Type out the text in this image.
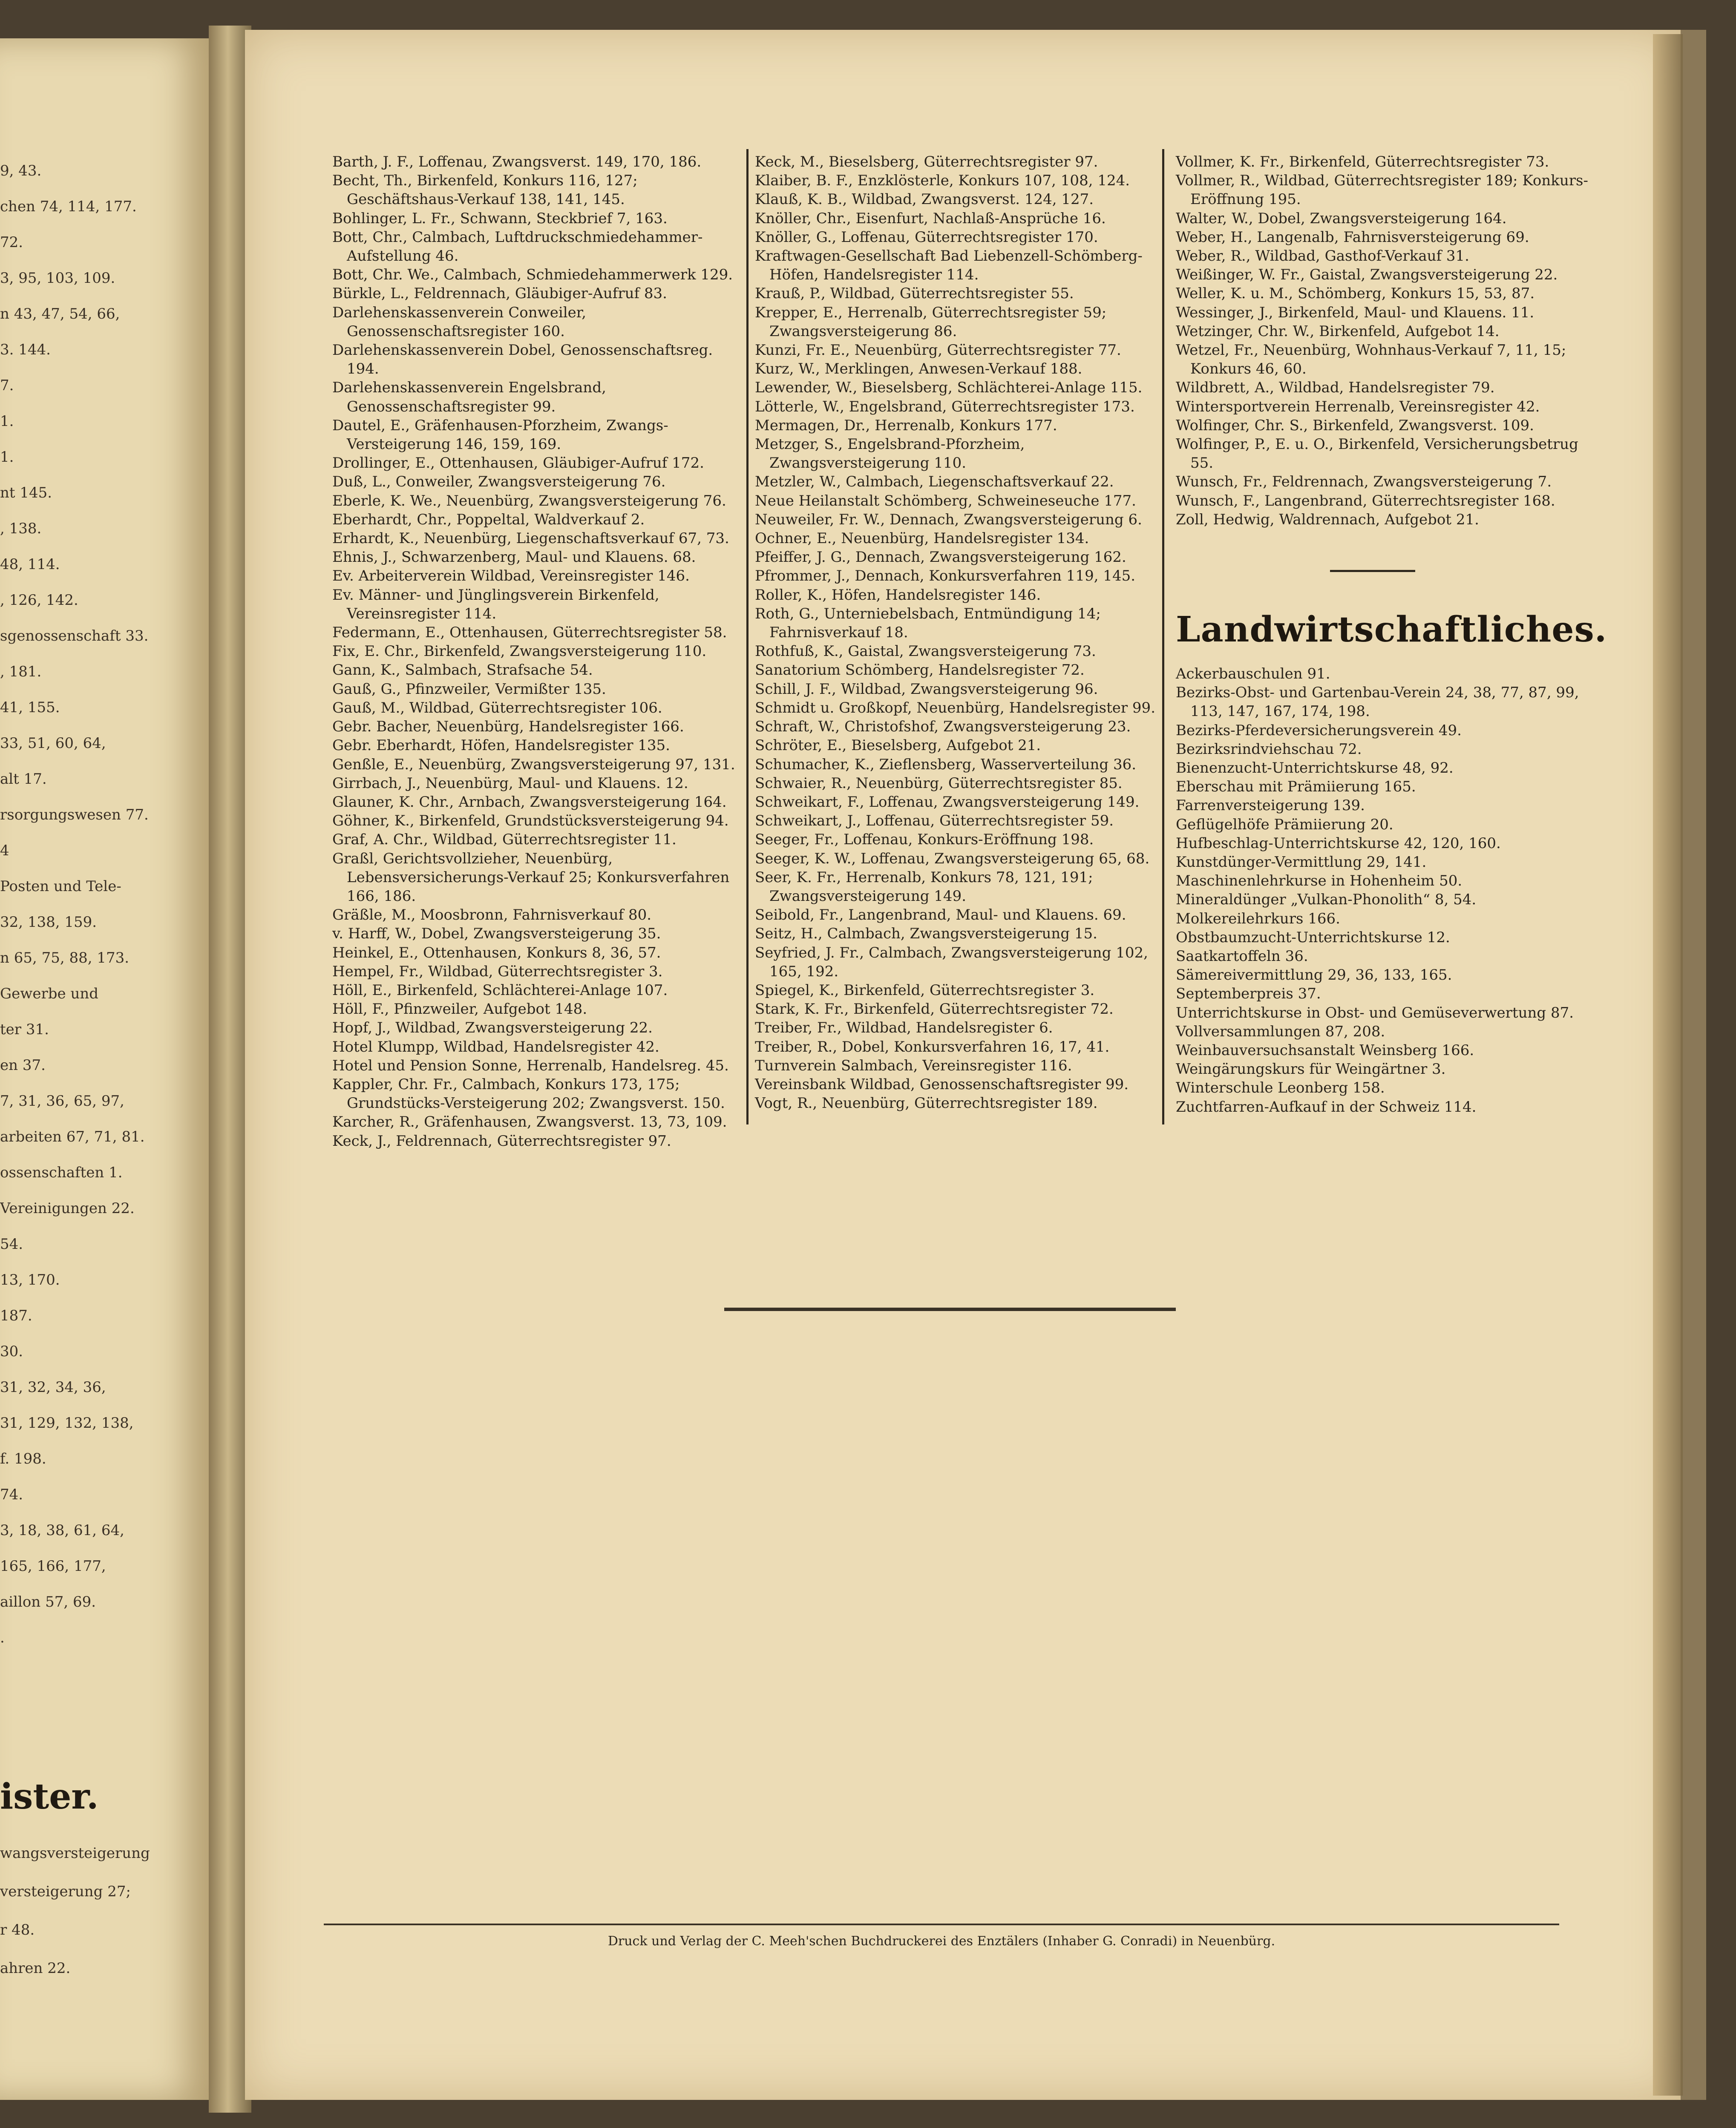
9, 43.
chen 74, 114, 177.
72.
3, 95, 103, 109.
n 43, 47, 54, 66,
3. 144.
7.
1.
1.
nt 145.
, 138.
48, 114.
, 126, 142.
sgenossenschaft 33.
, 181.
41, 155.
33, 51, 60, 64,
alt 17.
rsorgungswesen 77.
4
Posten und Tele-
32, 138, 159.
n 65, 75, 88, 173.
Gewerbe und
ter 31.
en 37.
7, 31, 36, 65, 97,
arbeiten 67, 71, 81.
ossenschaften 1.
Vereinigungen 22.
54.
13, 170.
187.
30.
31, 32, 34, 36,
31, 129, 132, 138,
f. 198.
74.
3, 18, 38, 61, 64,
165, 166, 177,
aillon 57, 69.
.
ister.
wangsversteigerung
versteigerung 27;
r 48.
ahren 22.
Barth, J. F., Loffenau, Zwangsverst. 149, 170, 186.
Becht, Th., Birkenfeld, Konkurs 116, 127; Geschäftshaus-Verkauf 138, 141, 145.
Bohlinger, L. Fr., Schwann, Steckbrief 7, 163.
Bott, Chr., Calmbach, Luftdruckschmiedehammer-Aufstellung 46.
Bott, Chr. We., Calmbach, Schmiedehammerwerk 129.
Bürkle, L., Feldrennach, Gläubiger-Aufruf 83.
Darlehenskassenverein Conweiler, Genossenschaftsregister 160.
Darlehenskassenverein Dobel, Genossenschaftsreg. 194.
Darlehenskassenverein Engelsbrand, Genossenschaftsregister 99.
Dautel, E., Gräfenhausen-Pforzheim, Zwangs-Versteigerung 146, 159, 169.
Drollinger, E., Ottenhausen, Gläubiger-Aufruf 172.
Duß, L., Conweiler, Zwangsversteigerung 76.
Eberle, K. We., Neuenbürg, Zwangsversteigerung 76.
Eberhardt, Chr., Poppeltal, Waldverkauf 2.
Erhardt, K., Neuenbürg, Liegenschaftsverkauf 67, 73.
Ehnis, J., Schwarzenberg, Maul- und Klauens. 68.
Ev. Arbeiterverein Wildbad, Vereinsregister 146.
Ev. Männer- und Jünglingsverein Birkenfeld, Vereinsregister 114.
Federmann, E., Ottenhausen, Güterrechtsregister 58.
Fix, E. Chr., Birkenfeld, Zwangsversteigerung 110.
Gann, K., Salmbach, Strafsache 54.
Gauß, G., Pfinzweiler, Vermißter 135.
Gauß, M., Wildbad, Güterrechtsregister 106.
Gebr. Bacher, Neuenbürg, Handelsregister 166.
Gebr. Eberhardt, Höfen, Handelsregister 135.
Genßle, E., Neuenbürg, Zwangsversteigerung 97, 131.
Girrbach, J., Neuenbürg, Maul- und Klauens. 12.
Glauner, K. Chr., Arnbach, Zwangsversteigerung 164.
Göhner, K., Birkenfeld, Grundstücksversteigerung 94.
Graf, A. Chr., Wildbad, Güterrechtsregister 11.
Graßl, Gerichtsvollzieher, Neuenbürg, Lebensversicherungs-Verkauf 25; Konkursverfahren 166, 186.
Gräßle, M., Moosbronn, Fahrnisverkauf 80.
v. Harff, W., Dobel, Zwangsversteigerung 35.
Heinkel, E., Ottenhausen, Konkurs 8, 36, 57.
Hempel, Fr., Wildbad, Güterrechtsregister 3.
Höll, E., Birkenfeld, Schlächterei-Anlage 107.
Höll, F., Pfinzweiler, Aufgebot 148.
Hopf, J., Wildbad, Zwangsversteigerung 22.
Hotel Klumpp, Wildbad, Handelsregister 42.
Hotel und Pension Sonne, Herrenalb, Handelsreg. 45.
Kappler, Chr. Fr., Calmbach, Konkurs 173, 175; Grundstücks-Versteigerung 202; Zwangsverst. 150.
Karcher, R., Gräfenhausen, Zwangsverst. 13, 73, 109.
Keck, J., Feldrennach, Güterrechtsregister 97.
Keck, M., Bieselsberg, Güterrechtsregister 97.
Klaiber, B. F., Enzklösterle, Konkurs 107, 108, 124.
Klauß, K. B., Wildbad, Zwangsverst. 124, 127.
Knöller, Chr., Eisenfurt, Nachlaß-Ansprüche 16.
Knöller, G., Loffenau, Güterrechtsregister 170.
Kraftwagen-Gesellschaft Bad Liebenzell-Schömberg-Höfen, Handelsregister 114.
Krauß, P., Wildbad, Güterrechtsregister 55.
Krepper, E., Herrenalb, Güterrechtsregister 59; Zwangsversteigerung 86.
Kunzi, Fr. E., Neuenbürg, Güterrechtsregister 77.
Kurz, W., Merklingen, Anwesen-Verkauf 188.
Lewender, W., Bieselsberg, Schlächterei-Anlage 115.
Lötterle, W., Engelsbrand, Güterrechtsregister 173.
Mermagen, Dr., Herrenalb, Konkurs 177.
Metzger, S., Engelsbrand-Pforzheim, Zwangsversteigerung 110.
Metzler, W., Calmbach, Liegenschaftsverkauf 22.
Neue Heilanstalt Schömberg, Schweineseuche 177.
Neuweiler, Fr. W., Dennach, Zwangsversteigerung 6.
Ochner, E., Neuenbürg, Handelsregister 134.
Pfeiffer, J. G., Dennach, Zwangsversteigerung 162.
Pfrommer, J., Dennach, Konkursverfahren 119, 145.
Roller, K., Höfen, Handelsregister 146.
Roth, G., Unterniebelsbach, Entmündigung 14; Fahrnisverkauf 18.
Rothfuß, K., Gaistal, Zwangsversteigerung 73.
Sanatorium Schömberg, Handelsregister 72.
Schill, J. F., Wildbad, Zwangsversteigerung 96.
Schmidt u. Großkopf, Neuenbürg, Handelsregister 99.
Schraft, W., Christofshof, Zwangsversteigerung 23.
Schröter, E., Bieselsberg, Aufgebot 21.
Schumacher, K., Zieflensberg, Wasserverteilung 36.
Schwaier, R., Neuenbürg, Güterrechtsregister 85.
Schweikart, F., Loffenau, Zwangsversteigerung 149.
Schweikart, J., Loffenau, Güterrechtsregister 59.
Seeger, Fr., Loffenau, Konkurs-Eröffnung 198.
Seeger, K. W., Loffenau, Zwangsversteigerung 65, 68.
Seer, K. Fr., Herrenalb, Konkurs 78, 121, 191; Zwangsversteigerung 149.
Seibold, Fr., Langenbrand, Maul- und Klauens. 69.
Seitz, H., Calmbach, Zwangsversteigerung 15.
Seyfried, J. Fr., Calmbach, Zwangsversteigerung 102, 165, 192.
Spiegel, K., Birkenfeld, Güterrechtsregister 3.
Stark, K. Fr., Birkenfeld, Güterrechtsregister 72.
Treiber, Fr., Wildbad, Handelsregister 6.
Treiber, R., Dobel, Konkursverfahren 16, 17, 41.
Turnverein Salmbach, Vereinsregister 116.
Vereinsbank Wildbad, Genossenschaftsregister 99.
Vogt, R., Neuenbürg, Güterrechtsregister 189.
Vollmer, K. Fr., Birkenfeld, Güterrechtsregister 73.
Vollmer, R., Wildbad, Güterrechtsregister 189; Konkurs-Eröffnung 195.
Walter, W., Dobel, Zwangsversteigerung 164.
Weber, H., Langenalb, Fahrnisversteigerung 69.
Weber, R., Wildbad, Gasthof-Verkauf 31.
Weißinger, W. Fr., Gaistal, Zwangsversteigerung 22.
Weller, K. u. M., Schömberg, Konkurs 15, 53, 87.
Wessinger, J., Birkenfeld, Maul- und Klauens. 11.
Wetzinger, Chr. W., Birkenfeld, Aufgebot 14.
Wetzel, Fr., Neuenbürg, Wohnhaus-Verkauf 7, 11, 15; Konkurs 46, 60.
Wildbrett, A., Wildbad, Handelsregister 79.
Wintersportverein Herrenalb, Vereinsregister 42.
Wolfinger, Chr. S., Birkenfeld, Zwangsverst. 109.
Wolfinger, P., E. u. O., Birkenfeld, Versicherungsbetrug 55.
Wunsch, Fr., Feldrennach, Zwangsversteigerung 7.
Wunsch, F., Langenbrand, Güterrechtsregister 168.
Zoll, Hedwig, Waldrennach, Aufgebot 21.
Landwirtschaftliches.
Ackerbauschulen 91.
Bezirks-Obst- und Gartenbau-Verein 24, 38, 77, 87, 99, 113, 147, 167, 174, 198.
Bezirks-Pferdeversicherungsverein 49.
Bezirksrindviehschau 72.
Bienenzucht-Unterrichtskurse 48, 92.
Eberschau mit Prämiierung 165.
Farrenversteigerung 139.
Geflügelhöfe Prämiierung 20.
Hufbeschlag-Unterrichtskurse 42, 120, 160.
Kunstdünger-Vermittlung 29, 141.
Maschinenlehrkurse in Hohenheim 50.
Mineraldünger „Vulkan-Phonolith“ 8, 54.
Molkereilehrkurs 166.
Obstbaumzucht-Unterrichtskurse 12.
Saatkartoffeln 36.
Sämereivermittlung 29, 36, 133, 165.
Septemberpreis 37.
Unterrichtskurse in Obst- und Gemüseverwertung 87.
Vollversammlungen 87, 208.
Weinbauversuchsanstalt Weinsberg 166.
Weingärungskurs für Weingärtner 3.
Winterschule Leonberg 158.
Zuchtfarren-Aufkauf in der Schweiz 114.
Druck und Verlag der C. Meeh'schen Buchdruckerei des Enztälers (Inhaber G. Conradi) in Neuenbürg.
